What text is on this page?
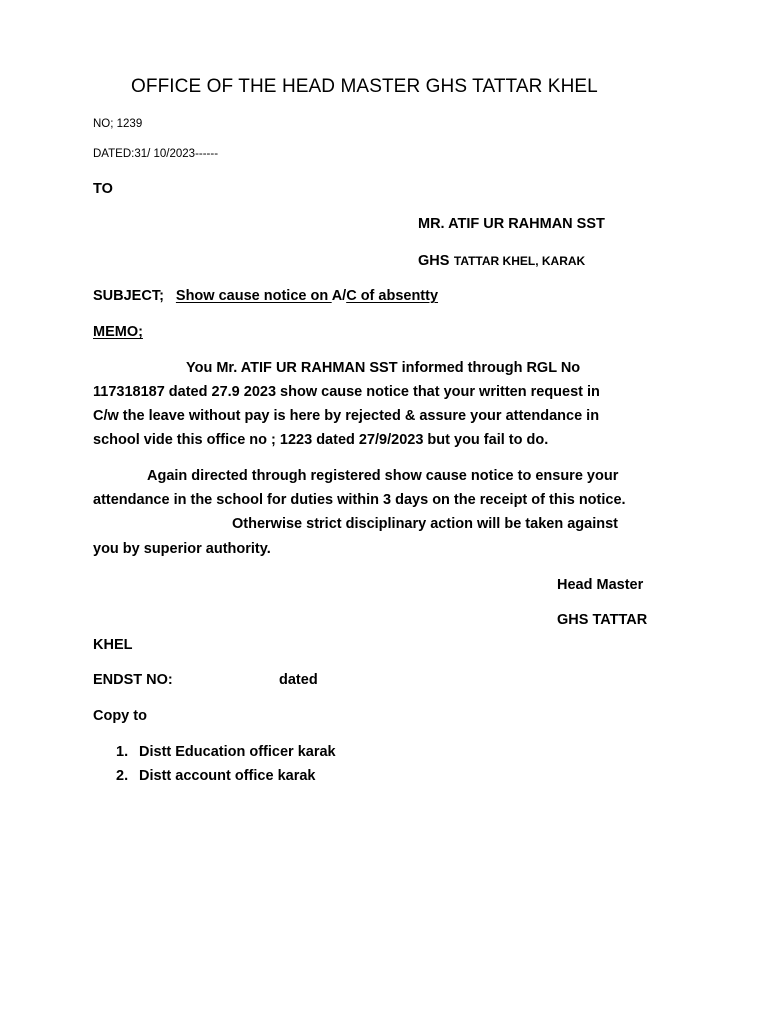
OFFICE OF THE HEAD MASTER GHS TATTAR KHEL
NO; 1239
DATED:31/ 10/2023------
TO
MR. ATIF UR RAHMAN SST
GHS TATTAR KHEL, KARAK
SUBJECT; Show cause notice on A/C of absentty
MEMO;
You Mr. ATIF UR RAHMAN SST informed through RGL No
117318187 dated 27.9 2023 show cause notice that your written request in
C/w the leave without pay is here by rejected & assure your attendance in
school vide this office no ; 1223 dated 27/9/2023 but you fail to do.
Again directed through registered show cause notice to ensure your
attendance in the school for duties within 3 days on the receipt of this notice.
Otherwise strict disciplinary action will be taken against
you by superior authority.
Head Master
GHS TATTAR
KHEL
ENDST NO:	dated
Copy to
1. Distt Education officer karak
2. Distt account office karak
